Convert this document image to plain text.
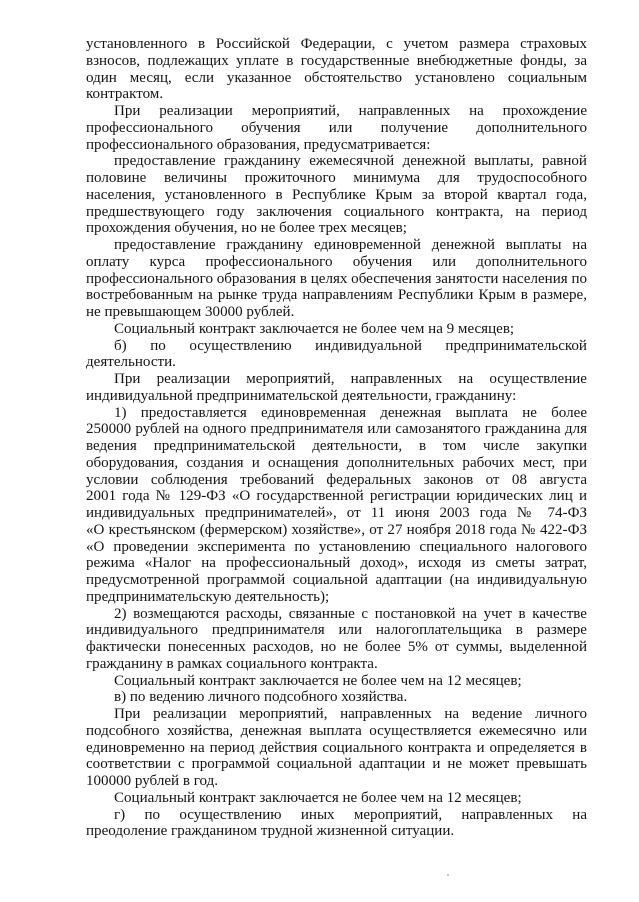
установленного в Российской Федерации, с учетом размера страховых
взносов, подлежащих уплате в государственные внебюджетные фонды, за
один месяц, если указанное обстоятельство установлено социальным
контрактом.
При реализации мероприятий, направленных на прохождение
профессионального обучения или получение дополнительного
профессионального образования, предусматривается:
предоставление гражданину ежемесячной денежной выплаты, равной
половине величины прожиточного минимума для трудоспособного
населения, установленного в Республике Крым за второй квартал года,
предшествующего году заключения социального контракта, на период
прохождения обучения, но не более трех месяцев;
предоставление гражданину единовременной денежной выплаты на
оплату курса профессионального обучения или дополнительного
профессионального образования в целях обеспечения занятости населения по
востребованным на рынке труда направлениям Республики Крым в размере,
не превышающем 30000 рублей.
Социальный контракт заключается не более чем на 9 месяцев;
б) по осуществлению индивидуальной предпринимательской
деятельности.
При реализации мероприятий, направленных на осуществление
индивидуальной предпринимательской деятельности, гражданину:
1) предоставляется единовременная денежная выплата не более
250000 рублей на одного предпринимателя или самозанятого гражданина для
ведения предпринимательской деятельности, в том числе закупки
оборудования, создания и оснащения дополнительных рабочих мест, при
условии соблюдения требований федеральных законов от 08 августа
2001 года № 129-ФЗ «О государственной регистрации юридических лиц и
индивидуальных предпринимателей», от 11 июня 2003 года № 74-ФЗ
«О крестьянском (фермерском) хозяйстве», от 27 ноября 2018 года № 422-ФЗ
«О проведении эксперимента по установлению специального налогового
режима «Налог на профессиональный доход», исходя из сметы затрат,
предусмотренной программой социальной адаптации (на индивидуальную
предпринимательскую деятельность);
2) возмещаются расходы, связанные с постановкой на учет в качестве
индивидуального предпринимателя или налогоплательщика в размере
фактически понесенных расходов, но не более 5% от суммы, выделенной
гражданину в рамках социального контракта.
Социальный контракт заключается не более чем на 12 месяцев;
в) по ведению личного подсобного хозяйства.
При реализации мероприятий, направленных на ведение личного
подсобного хозяйства, денежная выплата осуществляется ежемесячно или
единовременно на период действия социального контракта и определяется в
соответствии с программой социальной адаптации и не может превышать
100000 рублей в год.
Социальный контракт заключается не более чем на 12 месяцев;
г) по осуществлению иных мероприятий, направленных на
преодоление гражданином трудной жизненной ситуации.
